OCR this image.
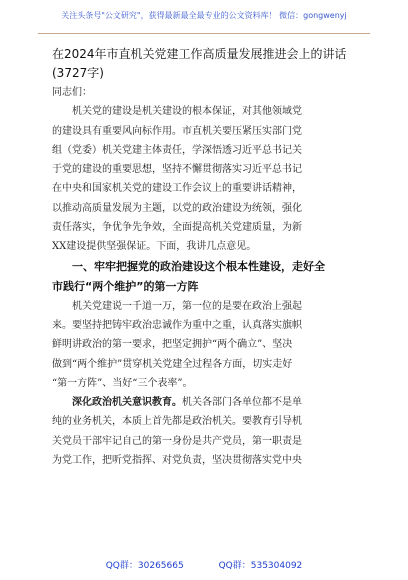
关注头条号"公文研究"，获得最新最全最专业的公文资料库！ 微信：gongwenyj

在2024年市直机关党建工作高质量发展推进会上的讲话

(3727字)

同志们：

机关党的建设是机关建设的根本保证，对其他领域党

的建设具有重要风向标作用。市直机关要压紧压实部门党

组（党委）机关党建主体责任，学深悟透习近平总书记关

于党的建设的重要思想，坚持不懈贯彻落实习近平总书记

在中央和国家机关党的建设工作会议上的重要讲话精神，

以推动高质量发展为主题，以党的政治建设为统领，强化

责任落实，争优争先争效，全面提高机关党建质量，为新

XX建设提供坚强保证。下面，我讲几点意见。

一、牢牢把握党的政治建设这个根本性建设，走好全

市践行“两个维护”的第一方阵

机关党建说一千道一万，第一位的是要在政治上强起

来。要坚持把铸牢政治忠诚作为重中之重，认真落实旗帜

鲜明讲政治的第一要求，把坚定拥护“两个确立”、坚决

做到“两个维护”贯穿机关党建全过程各方面，切实走好

“第一方阵”、当好“三个表率”。

深化政治机关意识教育。机关各部门各单位都不是单

纯的业务机关，本质上首先都是政治机关。要教育引导机

关党员干部牢记自己的第一身份是共产党员，第一职责是

为党工作，把听党指挥、对党负责，坚决贯彻落实党中央

QQ群：30265665	QQ群：535304092
